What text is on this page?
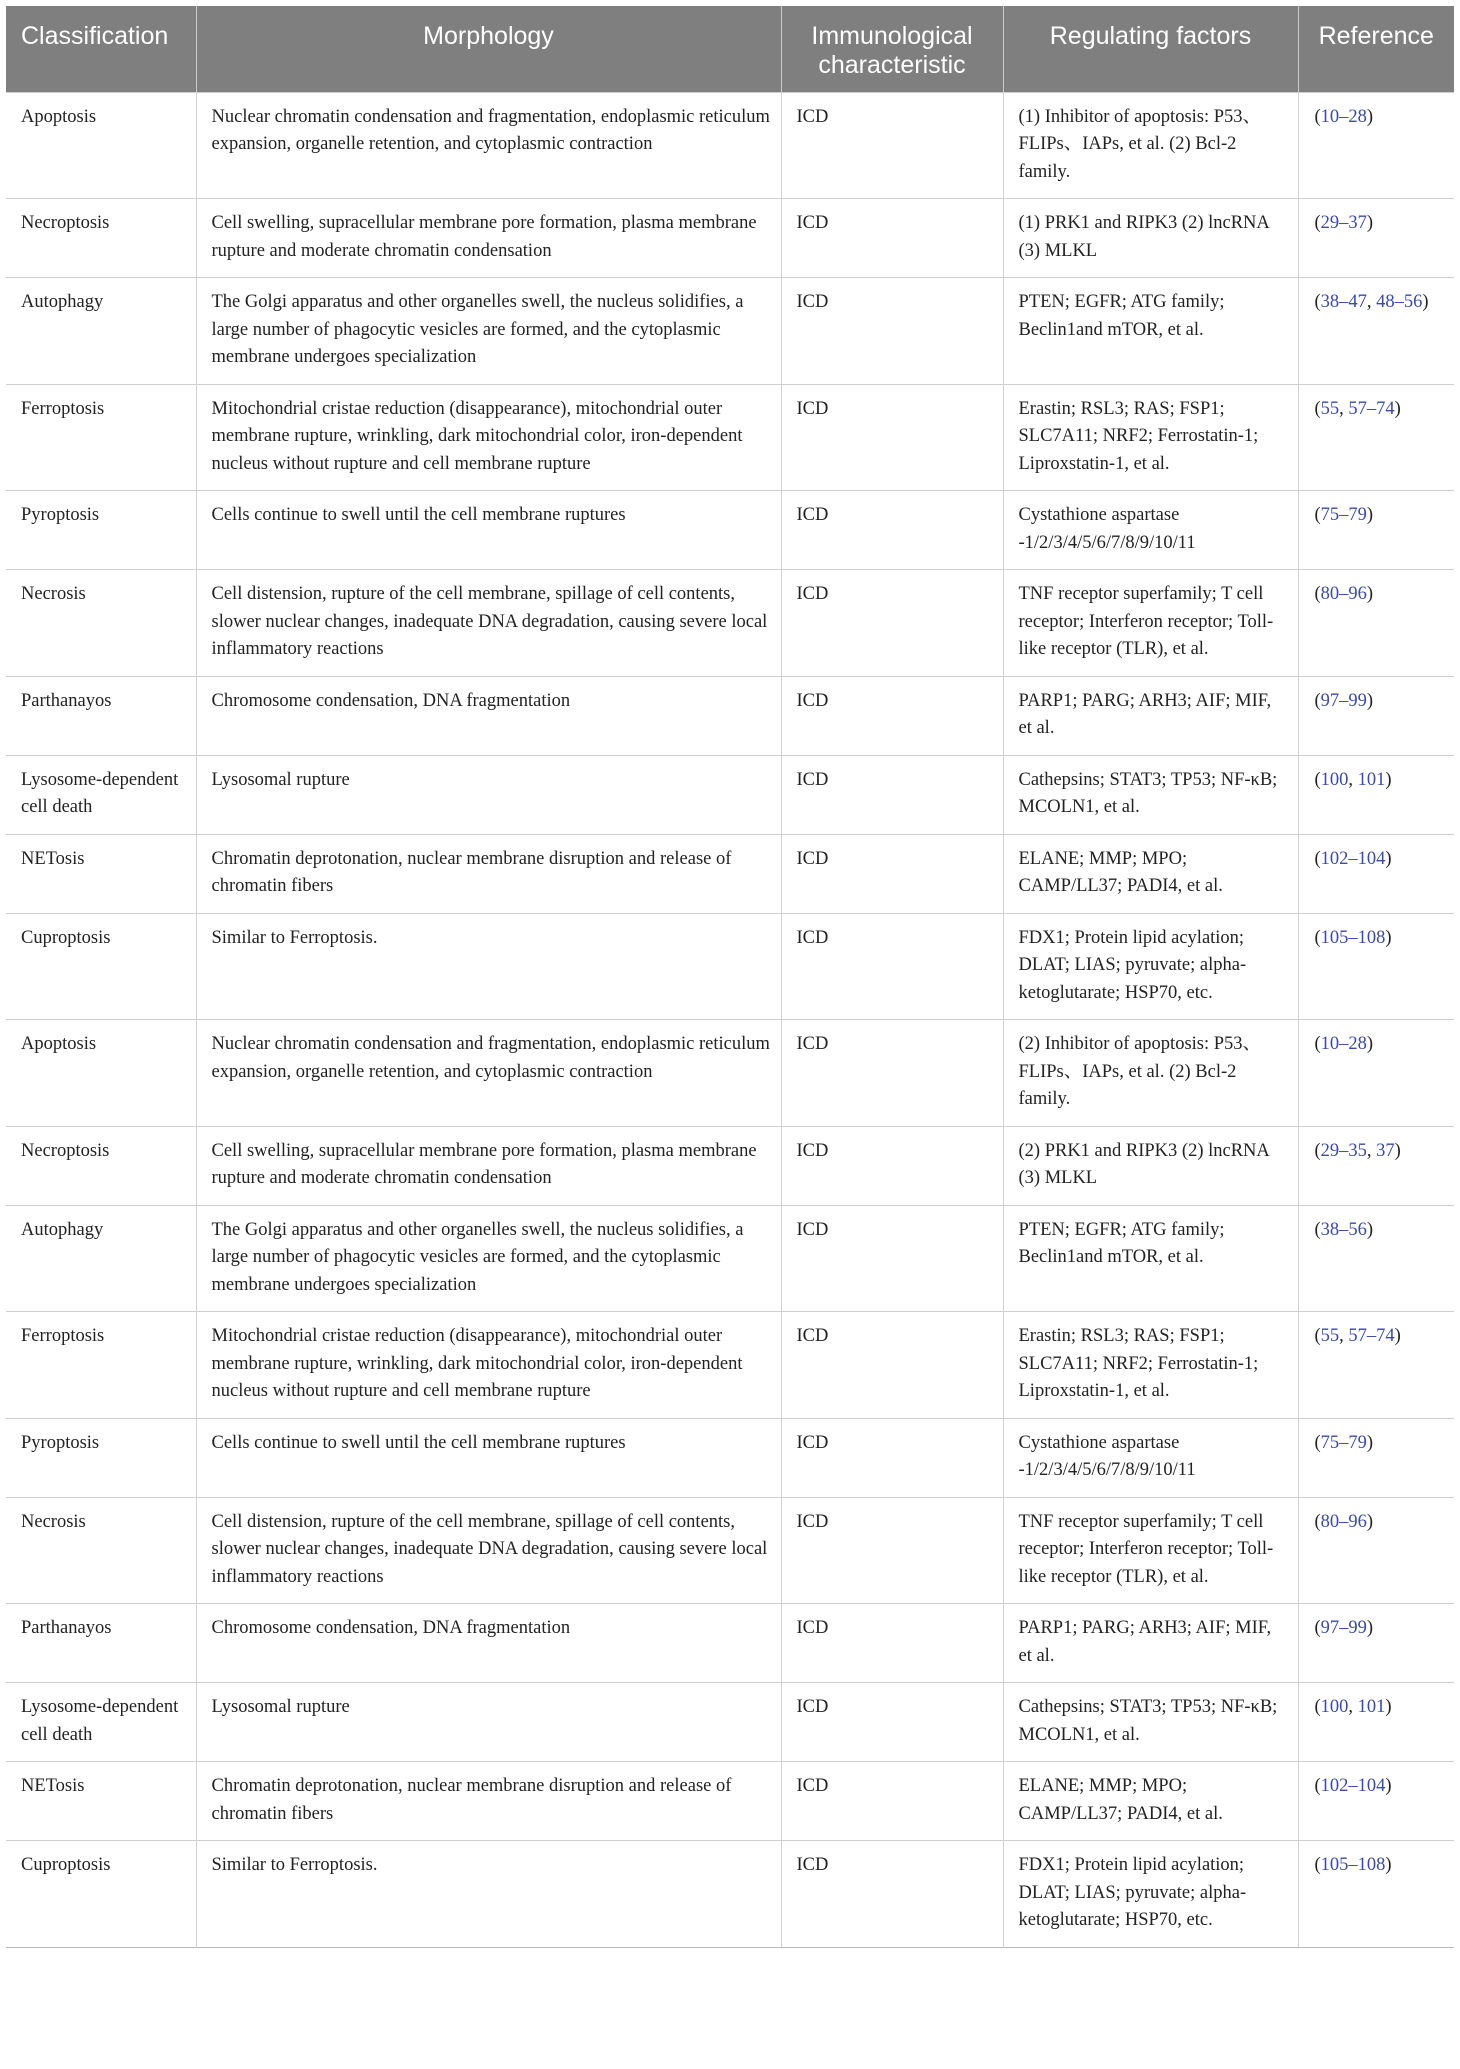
Classification	Morphology	Immunological characteristic	Regulating factors	Reference
Apoptosis	Nuclear chromatin condensation and fragmentation, endoplasmic reticulum expansion, organelle retention, and cytoplasmic contraction	ICD	(1) Inhibitor of apoptosis: P53、FLIPs、IAPs, et al. (2) Bcl-2 family.	(10–28)
Necroptosis	Cell swelling, supracellular membrane pore formation, plasma membrane rupture and moderate chromatin condensation	ICD	(1) PRK1 and RIPK3 (2) lncRNA (3) MLKL	(29–37)
Autophagy	The Golgi apparatus and other organelles swell, the nucleus solidifies, a large number of phagocytic vesicles are formed, and the cytoplasmic membrane undergoes specialization	ICD	PTEN; EGFR; ATG family; Beclin1and mTOR, et al.	(38–47, 48–56)
Ferroptosis	Mitochondrial cristae reduction (disappearance), mitochondrial outer membrane rupture, wrinkling, dark mitochondrial color, iron-dependent nucleus without rupture and cell membrane rupture	ICD	Erastin; RSL3; RAS; FSP1; SLC7A11; NRF2; Ferrostatin-1; Liproxstatin-1, et al.	(55, 57–74)
Pyroptosis	Cells continue to swell until the cell membrane ruptures	ICD	Cystathione aspartase -1/2/3/4/5/6/7/8/9/10/11	(75–79)
Necrosis	Cell distension, rupture of the cell membrane, spillage of cell contents, slower nuclear changes, inadequate DNA degradation, causing severe local inflammatory reactions	ICD	TNF receptor superfamily; T cell receptor; Interferon receptor; Toll-like receptor (TLR), et al.	(80–96)
Parthanayos	Chromosome condensation, DNA fragmentation	ICD	PARP1; PARG; ARH3; AIF; MIF, et al.	(97–99)
Lysosome-dependent cell death	Lysosomal rupture	ICD	Cathepsins; STAT3; TP53; NF-κB; MCOLN1, et al.	(100, 101)
NETosis	Chromatin deprotonation, nuclear membrane disruption and release of chromatin fibers	ICD	ELANE; MMP; MPO; CAMP/LL37; PADI4, et al.	(102–104)
Cuproptosis	Similar to Ferroptosis.	ICD	FDX1; Protein lipid acylation; DLAT; LIAS; pyruvate; alpha-ketoglutarate; HSP70, etc.	(105–108)
Apoptosis	Nuclear chromatin condensation and fragmentation, endoplasmic reticulum expansion, organelle retention, and cytoplasmic contraction	ICD	(2) Inhibitor of apoptosis: P53、FLIPs、IAPs, et al. (2) Bcl-2 family.	(10–28)
Necroptosis	Cell swelling, supracellular membrane pore formation, plasma membrane rupture and moderate chromatin condensation	ICD	(2) PRK1 and RIPK3 (2) lncRNA (3) MLKL	(29–35, 37)
Autophagy	The Golgi apparatus and other organelles swell, the nucleus solidifies, a large number of phagocytic vesicles are formed, and the cytoplasmic membrane undergoes specialization	ICD	PTEN; EGFR; ATG family; Beclin1and mTOR, et al.	(38–56)
Ferroptosis	Mitochondrial cristae reduction (disappearance), mitochondrial outer membrane rupture, wrinkling, dark mitochondrial color, iron-dependent nucleus without rupture and cell membrane rupture	ICD	Erastin; RSL3; RAS; FSP1; SLC7A11; NRF2; Ferrostatin-1; Liproxstatin-1, et al.	(55, 57–74)
Pyroptosis	Cells continue to swell until the cell membrane ruptures	ICD	Cystathione aspartase -1/2/3/4/5/6/7/8/9/10/11	(75–79)
Necrosis	Cell distension, rupture of the cell membrane, spillage of cell contents, slower nuclear changes, inadequate DNA degradation, causing severe local inflammatory reactions	ICD	TNF receptor superfamily; T cell receptor; Interferon receptor; Toll-like receptor (TLR), et al.	(80–96)
Parthanayos	Chromosome condensation, DNA fragmentation	ICD	PARP1; PARG; ARH3; AIF; MIF, et al.	(97–99)
Lysosome-dependent cell death	Lysosomal rupture	ICD	Cathepsins; STAT3; TP53; NF-κB; MCOLN1, et al.	(100, 101)
NETosis	Chromatin deprotonation, nuclear membrane disruption and release of chromatin fibers	ICD	ELANE; MMP; MPO; CAMP/LL37; PADI4, et al.	(102–104)
Cuproptosis	Similar to Ferroptosis.	ICD	FDX1; Protein lipid acylation; DLAT; LIAS; pyruvate; alpha-ketoglutarate; HSP70, etc.	(105–108)
